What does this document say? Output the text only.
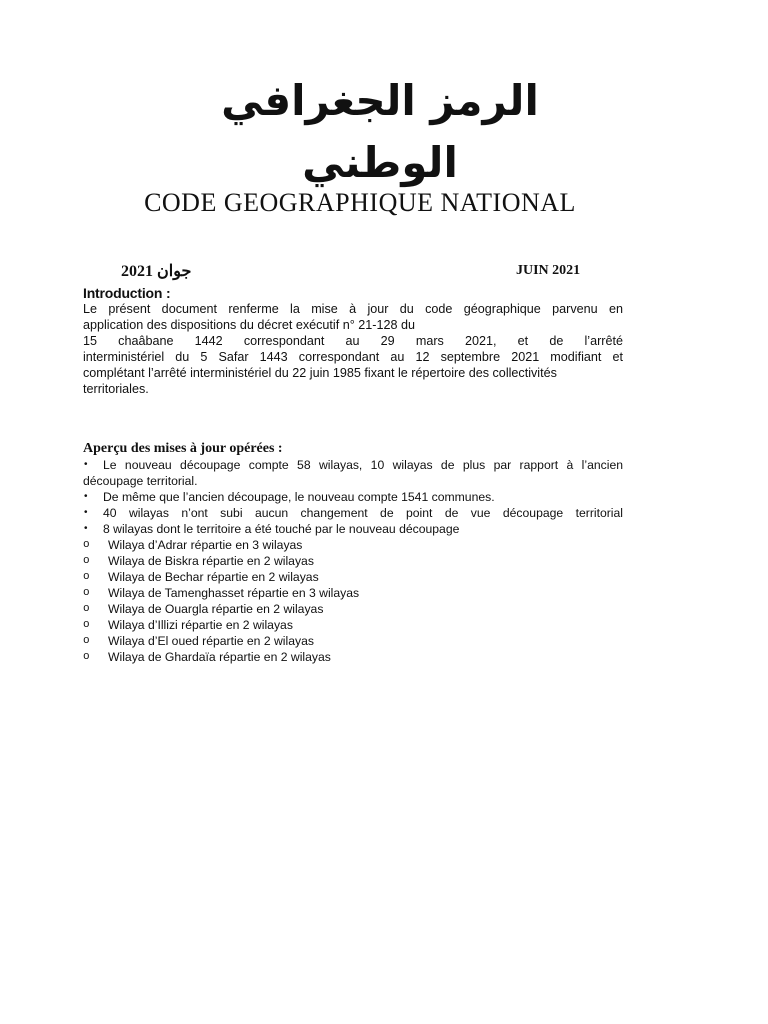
يفارغجلا زمرلا
ينطولا
CODE GEOGRAPHIQUE NATIONAL
2021 ناوج	JUIN 2021
Introduction :
Le présent document renferme la mise à jour du code géographique parvenu en
application des dispositions du décret exécutif n° 21-128 du
15 chaâbane 1442 correspondant au 29 mars 2021, et de l’arrêté
interministériel du 5 Safar 1443 correspondant au 12 septembre 2021 modifiant et
complétant l’arrêté interministériel du 22 juin 1985 fixant le répertoire des collectivités
territoriales.
Aperçu des mises à jour opérées :
• Le nouveau découpage compte 58 wilayas, 10 wilayas de plus par rapport à l’ancien
découpage territorial.
• De même que l’ancien découpage, le nouveau compte 1541 communes.
• 40 wilayas n’ont subi aucun changement de point de vue découpage territorial
• 8 wilayas dont le territoire a été touché par le nouveau découpage
o Wilaya d’Adrar répartie en 3 wilayas
o Wilaya de Biskra répartie en 2 wilayas
o Wilaya de Bechar répartie en 2 wilayas
o Wilaya de Tamenghasset répartie en 3 wilayas
o Wilaya de Ouargla répartie en 2 wilayas
o Wilaya d’Illizi répartie en 2 wilayas
o Wilaya d’El oued répartie en 2 wilayas
o Wilaya de Ghardaïa répartie en 2 wilayas
